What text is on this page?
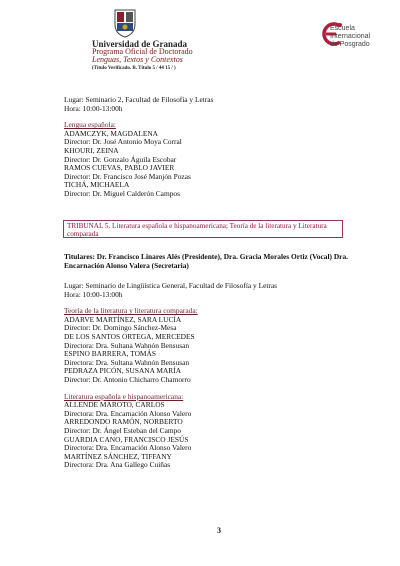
Universidad de Granada
Programa Oficial de Doctorado
Lenguas, Textos y Contextos
(Título Verificado. B. Título 5 / 44 15 / )
Escuela
Internacional
de Posgrado
Lugar: Seminario 2, Facultad de Filosofía y Letras
Hora: 10:00-13:00h
Lengua española:
ADAMCZYK, MAGDALENA
Director: Dr. José Antonio Moya Corral
KHOURI, ZEINA
Director: Dr. Gonzalo Águila Escobar
RAMOS CUEVAS, PABLO JAVIER
Director: Dr. Francisco José Manjón Pozas
TICHÁ, MICHAELA
Director: Dr. Miguel Calderón Campos
TRIBUNAL 5. Literatura española e hispanoamericana; Teoría de la literatura y Literatura comparada
Titulares: Dr. Francisco Linares Alés (Presidente), Dra. Gracia Morales Ortiz (Vocal) Dra. Encarnación Alonso Valera (Secretaria)
Lugar: Seminario de Lingüística General, Facultad de Filosofía y Letras
Hora: 10:00-13:00h
Teoría de la literatura y literatura comparada:
ADARVE MARTÍNEZ, SARA LUCÍA
Director: Dr. Domingo Sánchez-Mesa
DE LOS SANTOS ORTEGA, MERCEDES
Directora: Dra. Sultana Wahnón Bensusan
ESPINO BARRERA, TOMÁS
Directora: Dra. Sultana Wahnón Bensusan
PEDRAZA PICÓN, SUSANA MARÍA
Director: Dr. Antonio Chicharro Chamorro
Literatura española e hispanoamericana:
ALLENDE MAROTO, CARLOS
Directora: Dra. Encarnación Alonso Valero
ARREDONDO RAMÓN, NORBERTO
Director: Dr. Ángel Esteban del Campo
GUARDIA CANO, FRANCISCO JESÚS
Directora: Dra. Encarnación Alonso Valero
MARTÍNEZ SÁNCHEZ, TIFFANY
Directora: Dra. Ana Gallego Cuiñas
3
